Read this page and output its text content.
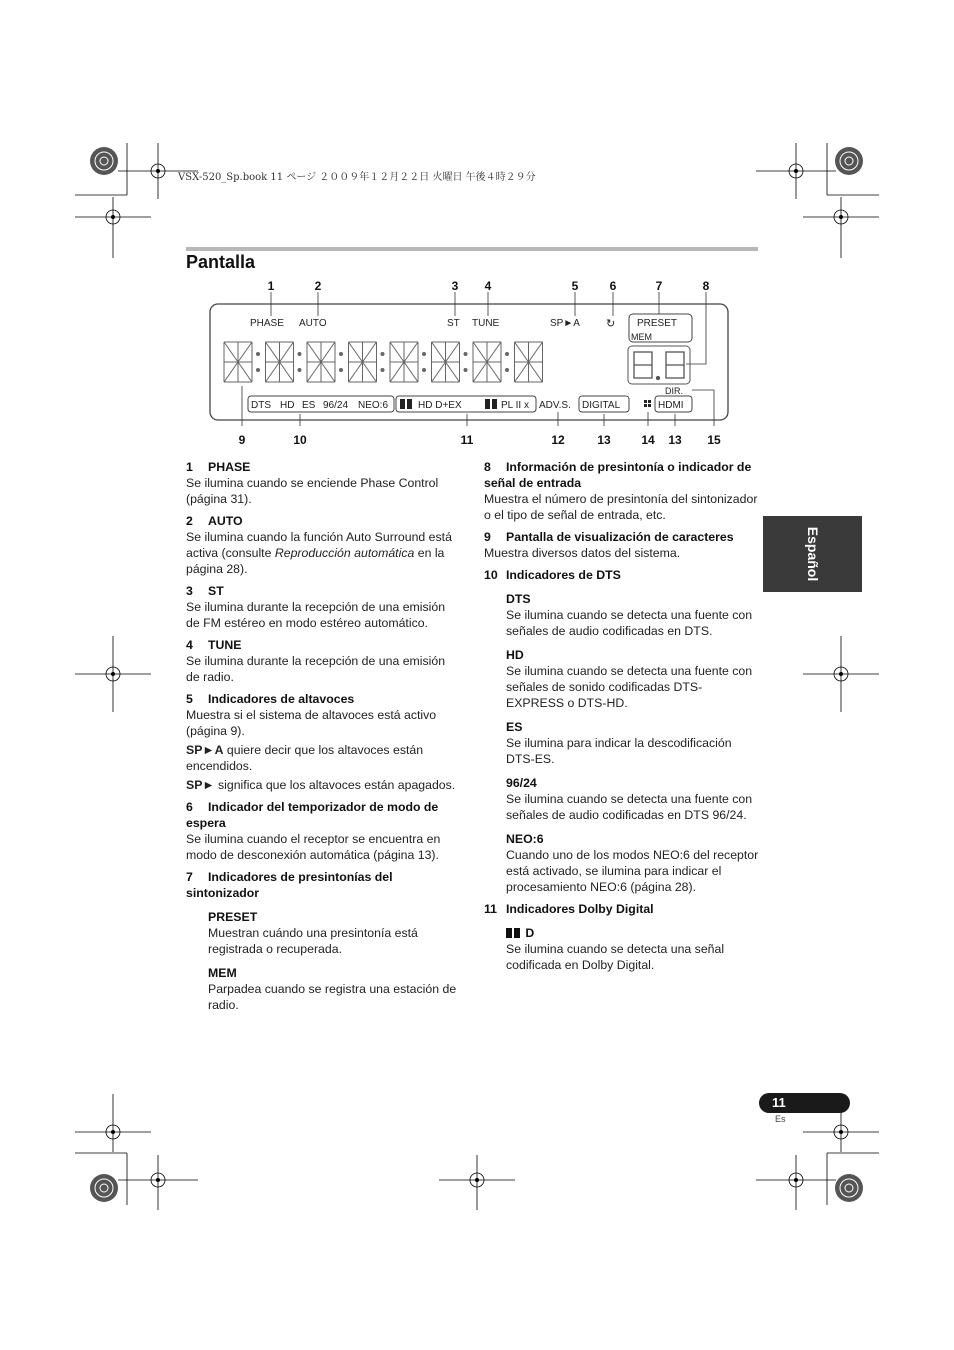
VSX-520_Sp.book 11 ページ ２００９年１２月２２日 火曜日 午後４時２９分
Pantalla
1	2	3 4	5	6	7	8
9	10	11	12	13	14 13 15
PHASE AUTO	ST TUNE	SP►A ↻ PRESET
MEM
DIR.
DTS HD ES 96/24 NEO:6	HD D+EX	PL II x ADV.S. DIGITAL	HDMI

1 PHASE

Se ilumina cuando se enciende Phase Control (página 31).

2 AUTO

Se ilumina cuando la función Auto Surround está activa (consulte Reproducción automática en la página 28).

3 ST

Se ilumina durante la recepción de una emisión de FM estéreo en modo estéreo automático.

4 TUNE

Se ilumina durante la recepción de una emisión de radio.

5 Indicadores de altavoces

Muestra si el sistema de altavoces está activo (página 9).

SP►A quiere decir que los altavoces están encendidos.

SP► significa que los altavoces están apagados.

6 Indicador del temporizador de modo de espera

Se ilumina cuando el receptor se encuentra en modo de desconexión automática (página 13).

7 Indicadores de presintonías del sintonizador

PRESET

Muestran cuándo una presintonía está registrada o recuperada.

MEM

Parpadea cuando se registra una estación de radio.

8 Información de presintonía o indicador de señal de entrada

Muestra el número de presintonía del sintonizador o el tipo de señal de entrada, etc.

9 Pantalla de visualización de caracteres

Muestra diversos datos del sistema.

10 Indicadores de DTS

DTS

Se ilumina cuando se detecta una fuente con señales de audio codificadas en DTS.

HD

Se ilumina cuando se detecta una fuente con señales de sonido codificadas DTS-EXPRESS o DTS-HD.

ES

Se ilumina para indicar la descodificación DTS-ES.

96/24

Se ilumina cuando se detecta una fuente con señales de audio codificadas en DTS 96/24.

NEO:6

Cuando uno de los modos NEO:6 del receptor está activado, se ilumina para indicar el procesamiento NEO:6 (página 28).

11 Indicadores Dolby Digital

D

Se ilumina cuando se detecta una señal codificada en Dolby Digital.

Español
11
Es
